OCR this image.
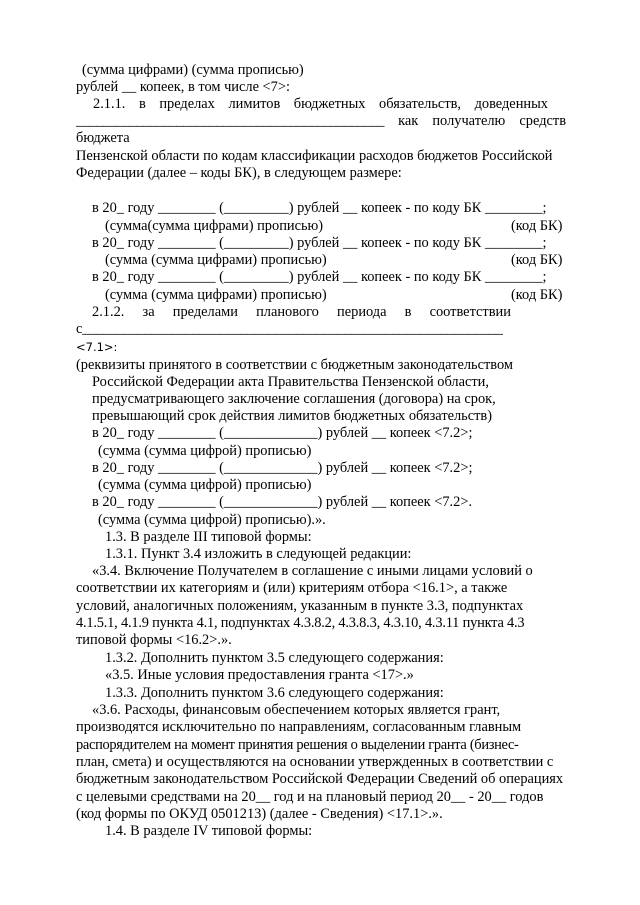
(сумма цифрами) (сумма прописью)
рублей __ копеек, в том числе <7>:
2.1.1. в пределах лимитов бюджетных обязательств, доведенных
______________________________________________ как получателю средств
бюджета
Пензенской области по кодам классификации расходов бюджетов Российской
Федерации (далее – коды БК), в следующем размере:
в 20_ году ________ (_________) рублей __ копеек - по коду БК ________;
(сумма(сумма цифрами) прописью)	(код БК)
в 20_ году ________ (_________) рублей __ копеек - по коду БК ________;
(сумма (сумма цифрами) прописью)	(код БК)
в 20_ году ________ (_________) рублей __ копеек - по коду БК ________;
(сумма (сумма цифрами) прописью)	(код БК)
2.1.2. за пределами планового периода в соответствии
с_____________________________________________________________
<7.1>:
(реквизиты принятого в соответствии с бюджетным законодательством
Российской Федерации акта Правительства Пензенской области,
предусматривающего заключение соглашения (договора) на срок,
превышающий срок действия лимитов бюджетных обязательств)
в 20_ году ________ (_____________) рублей __ копеек <7.2>;
(сумма (сумма цифрой) прописью)
в 20_ году ________ (_____________) рублей __ копеек <7.2>;
(сумма (сумма цифрой) прописью)
в 20_ году ________ (_____________) рублей __ копеек <7.2>.
(сумма (сумма цифрой) прописью).».
1.3. В разделе III типовой формы:
1.3.1. Пункт 3.4 изложить в следующей редакции:
«3.4. Включение Получателем в соглашение с иными лицами условий о
соответствии их категориям и (или) критериям отбора <16.1>, а также
условий, аналогичных положениям, указанным в пункте 3.3, подпунктах
4.1.5.1, 4.1.9 пункта 4.1, подпунктах 4.3.8.2, 4.3.8.3, 4.3.10, 4.3.11 пункта 4.3
типовой формы <16.2>.».
1.3.2. Дополнить пунктом 3.5 следующего содержания:
«3.5. Иные условия предоставления гранта <17>.»
1.3.3. Дополнить пунктом 3.6 следующего содержания:
«3.6. Расходы, финансовым обеспечением которых является грант,
производятся исключительно по направлениям, согласованным главным
распорядителем на момент принятия решения о выделении гранта (бизнес-
план, смета) и осуществляются на основании утвержденных в соответствии с
бюджетным законодательством Российской Федерации Сведений об операциях
с целевыми средствами на 20__ год и на плановый период 20__ - 20__ годов
(код формы по ОКУД 0501213) (далее - Сведения) <17.1>.».
1.4. В разделе IV типовой формы:
